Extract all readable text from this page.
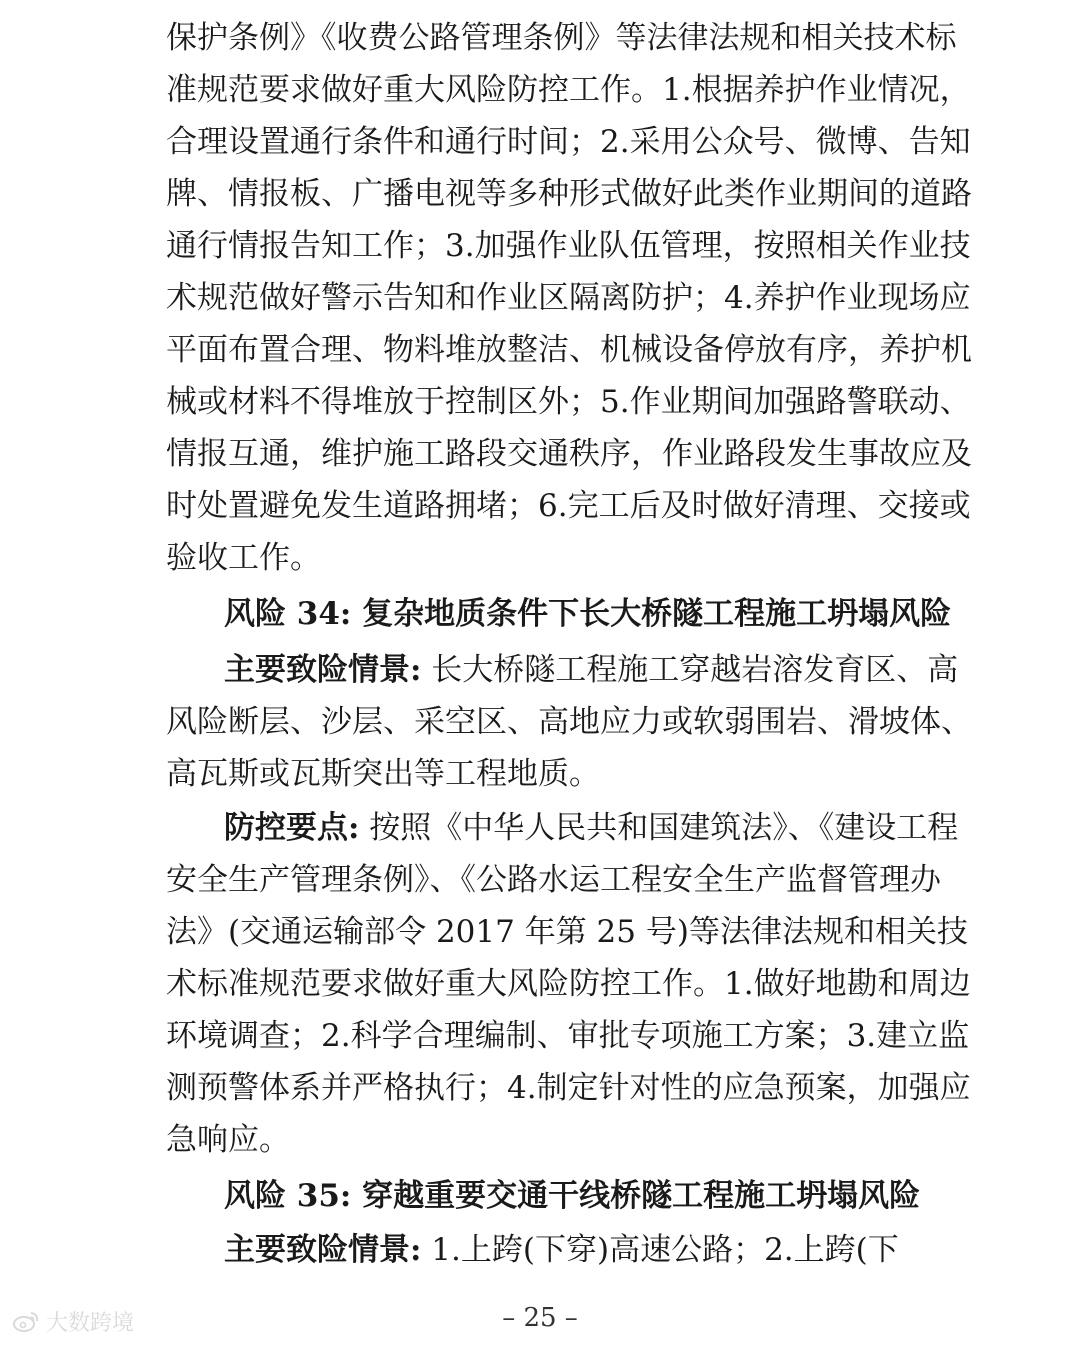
保护条例》《收费公路管理条例》等法律法规和相关技术标
准规范要求做好重大风险防控工作。1.根据养护作业情况，
合理设置通行条件和通行时间；2.采用公众号、微博、告知
牌、情报板、广播电视等多种形式做好此类作业期间的道路
通行情报告知工作；3.加强作业队伍管理，按照相关作业技
术规范做好警示告知和作业区隔离防护；4.养护作业现场应
平面布置合理、物料堆放整洁、机械设备停放有序，养护机
械或材料不得堆放于控制区外；5.作业期间加强路警联动、
情报互通，维护施工路段交通秩序，作业路段发生事故应及
时处置避免发生道路拥堵；6.完工后及时做好清理、交接或
验收工作。
风险 34: 复杂地质条件下长大桥隧工程施工坍塌风险
主要致险情景: 长大桥隧工程施工穿越岩溶发育区、高
风险断层、沙层、采空区、高地应力或软弱围岩、滑坡体、
高瓦斯或瓦斯突出等工程地质。
防控要点: 按照《中华人民共和国建筑法》、《建设工程
安全生产管理条例》、《公路水运工程安全生产监督管理办
法》(交通运输部令 2017 年第 25 号)等法律法规和相关技
术标准规范要求做好重大风险防控工作。1.做好地勘和周边
环境调查；2.科学合理编制、审批专项施工方案；3.建立监
测预警体系并严格执行；4.制定针对性的应急预案，加强应
急响应。
风险 35: 穿越重要交通干线桥隧工程施工坍塌风险
主要致险情景: 1.上跨(下穿)高速公路；2.上跨(下
– 25 –
大数跨境
